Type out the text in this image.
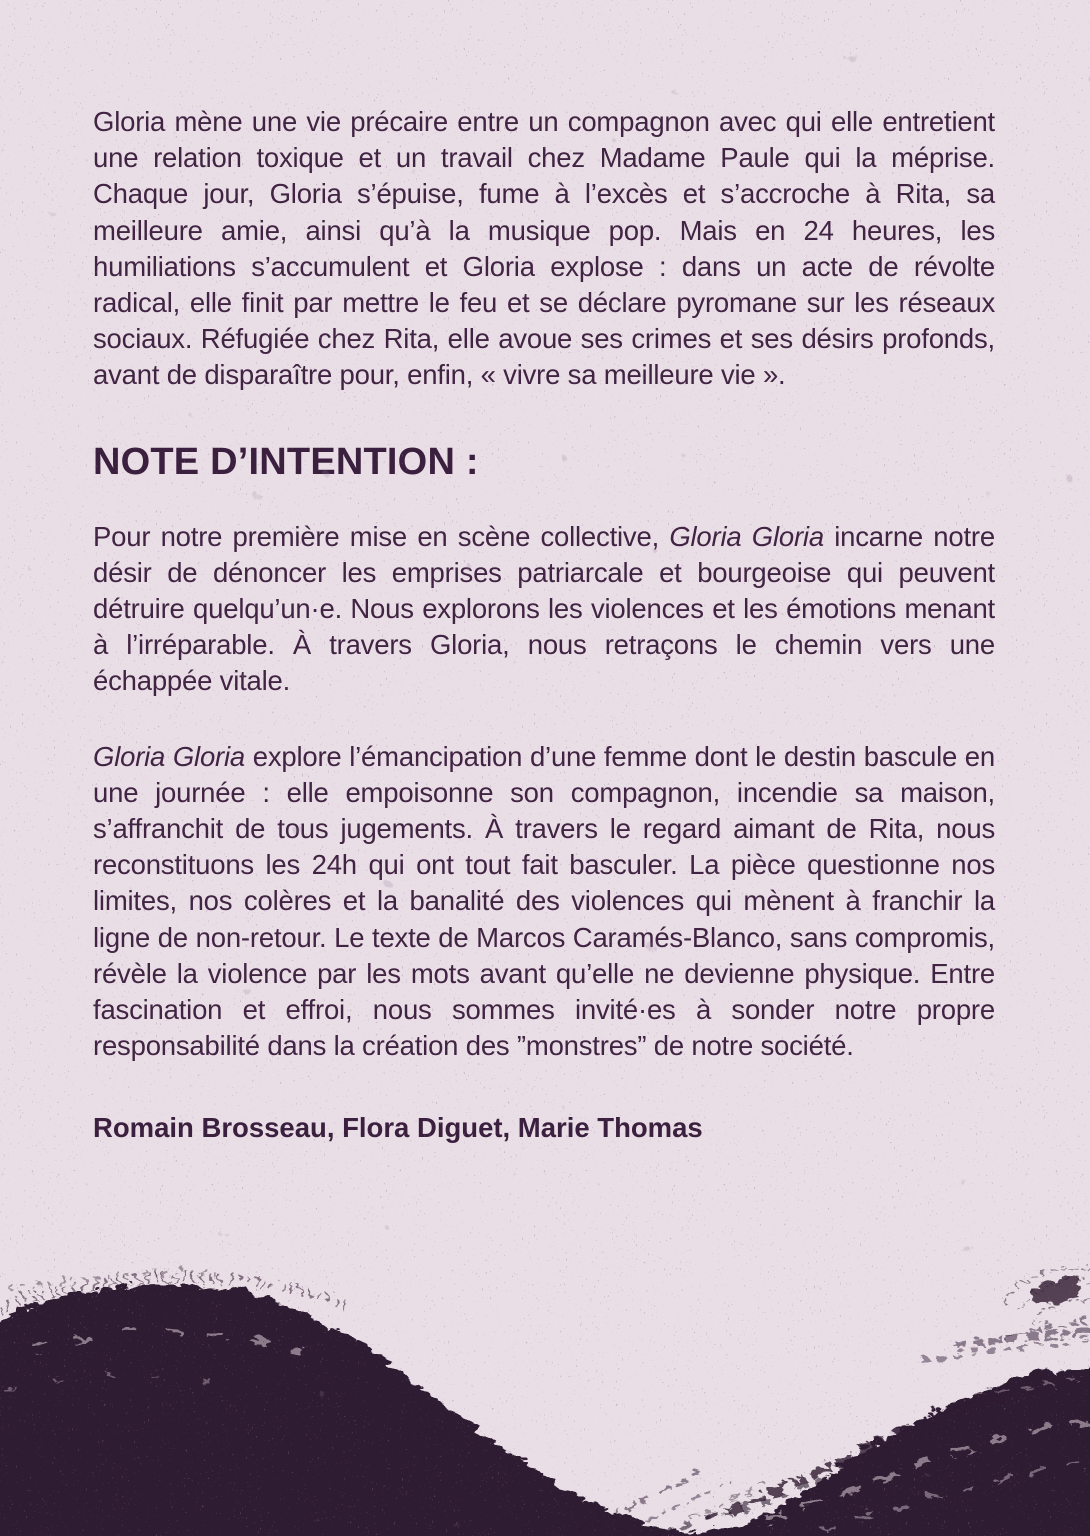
Gloria mène une vie précaire entre un compagnon avec qui elle entretient une relation toxique et un travail chez Madame Paule qui la méprise. Chaque jour, Gloria s’épuise, fume à l’excès et s’accroche à Rita, sa meilleure amie, ainsi qu’à la musique pop. Mais en 24 heures, les humiliations s’accumulent et Gloria explose : dans un acte de révolte radical, elle finit par mettre le feu et se déclare pyromane sur les réseaux sociaux. Réfugiée chez Rita, elle avoue ses crimes et ses désirs profonds, avant de disparaître pour, enfin, « vivre sa meilleure vie ».

NOTE D’INTENTION :

Pour notre première mise en scène collective, Gloria Gloria incarne notre désir de dénoncer les emprises patriarcale et bourgeoise qui peuvent détruire quelqu’un·e. Nous explorons les violences et les émotions menant à l’irréparable. À travers Gloria, nous retraçons le chemin vers une échappée vitale.

Gloria Gloria explore l’émancipation d’une femme dont le destin bascule en une journée : elle empoisonne son compagnon, incendie sa maison, s’affranchit de tous jugements. À travers le regard aimant de Rita, nous reconstituons les 24h qui ont tout fait basculer. La pièce questionne nos limites, nos colères et la banalité des violences qui mènent à franchir la ligne de non-retour. Le texte de Marcos Caramés-Blanco, sans compromis, révèle la violence par les mots avant qu’elle ne devienne physique. Entre fascination et effroi, nous sommes invité·es à sonder notre propre responsabilité dans la création des ”monstres” de notre société.

Romain Brosseau, Flora Diguet, Marie Thomas
